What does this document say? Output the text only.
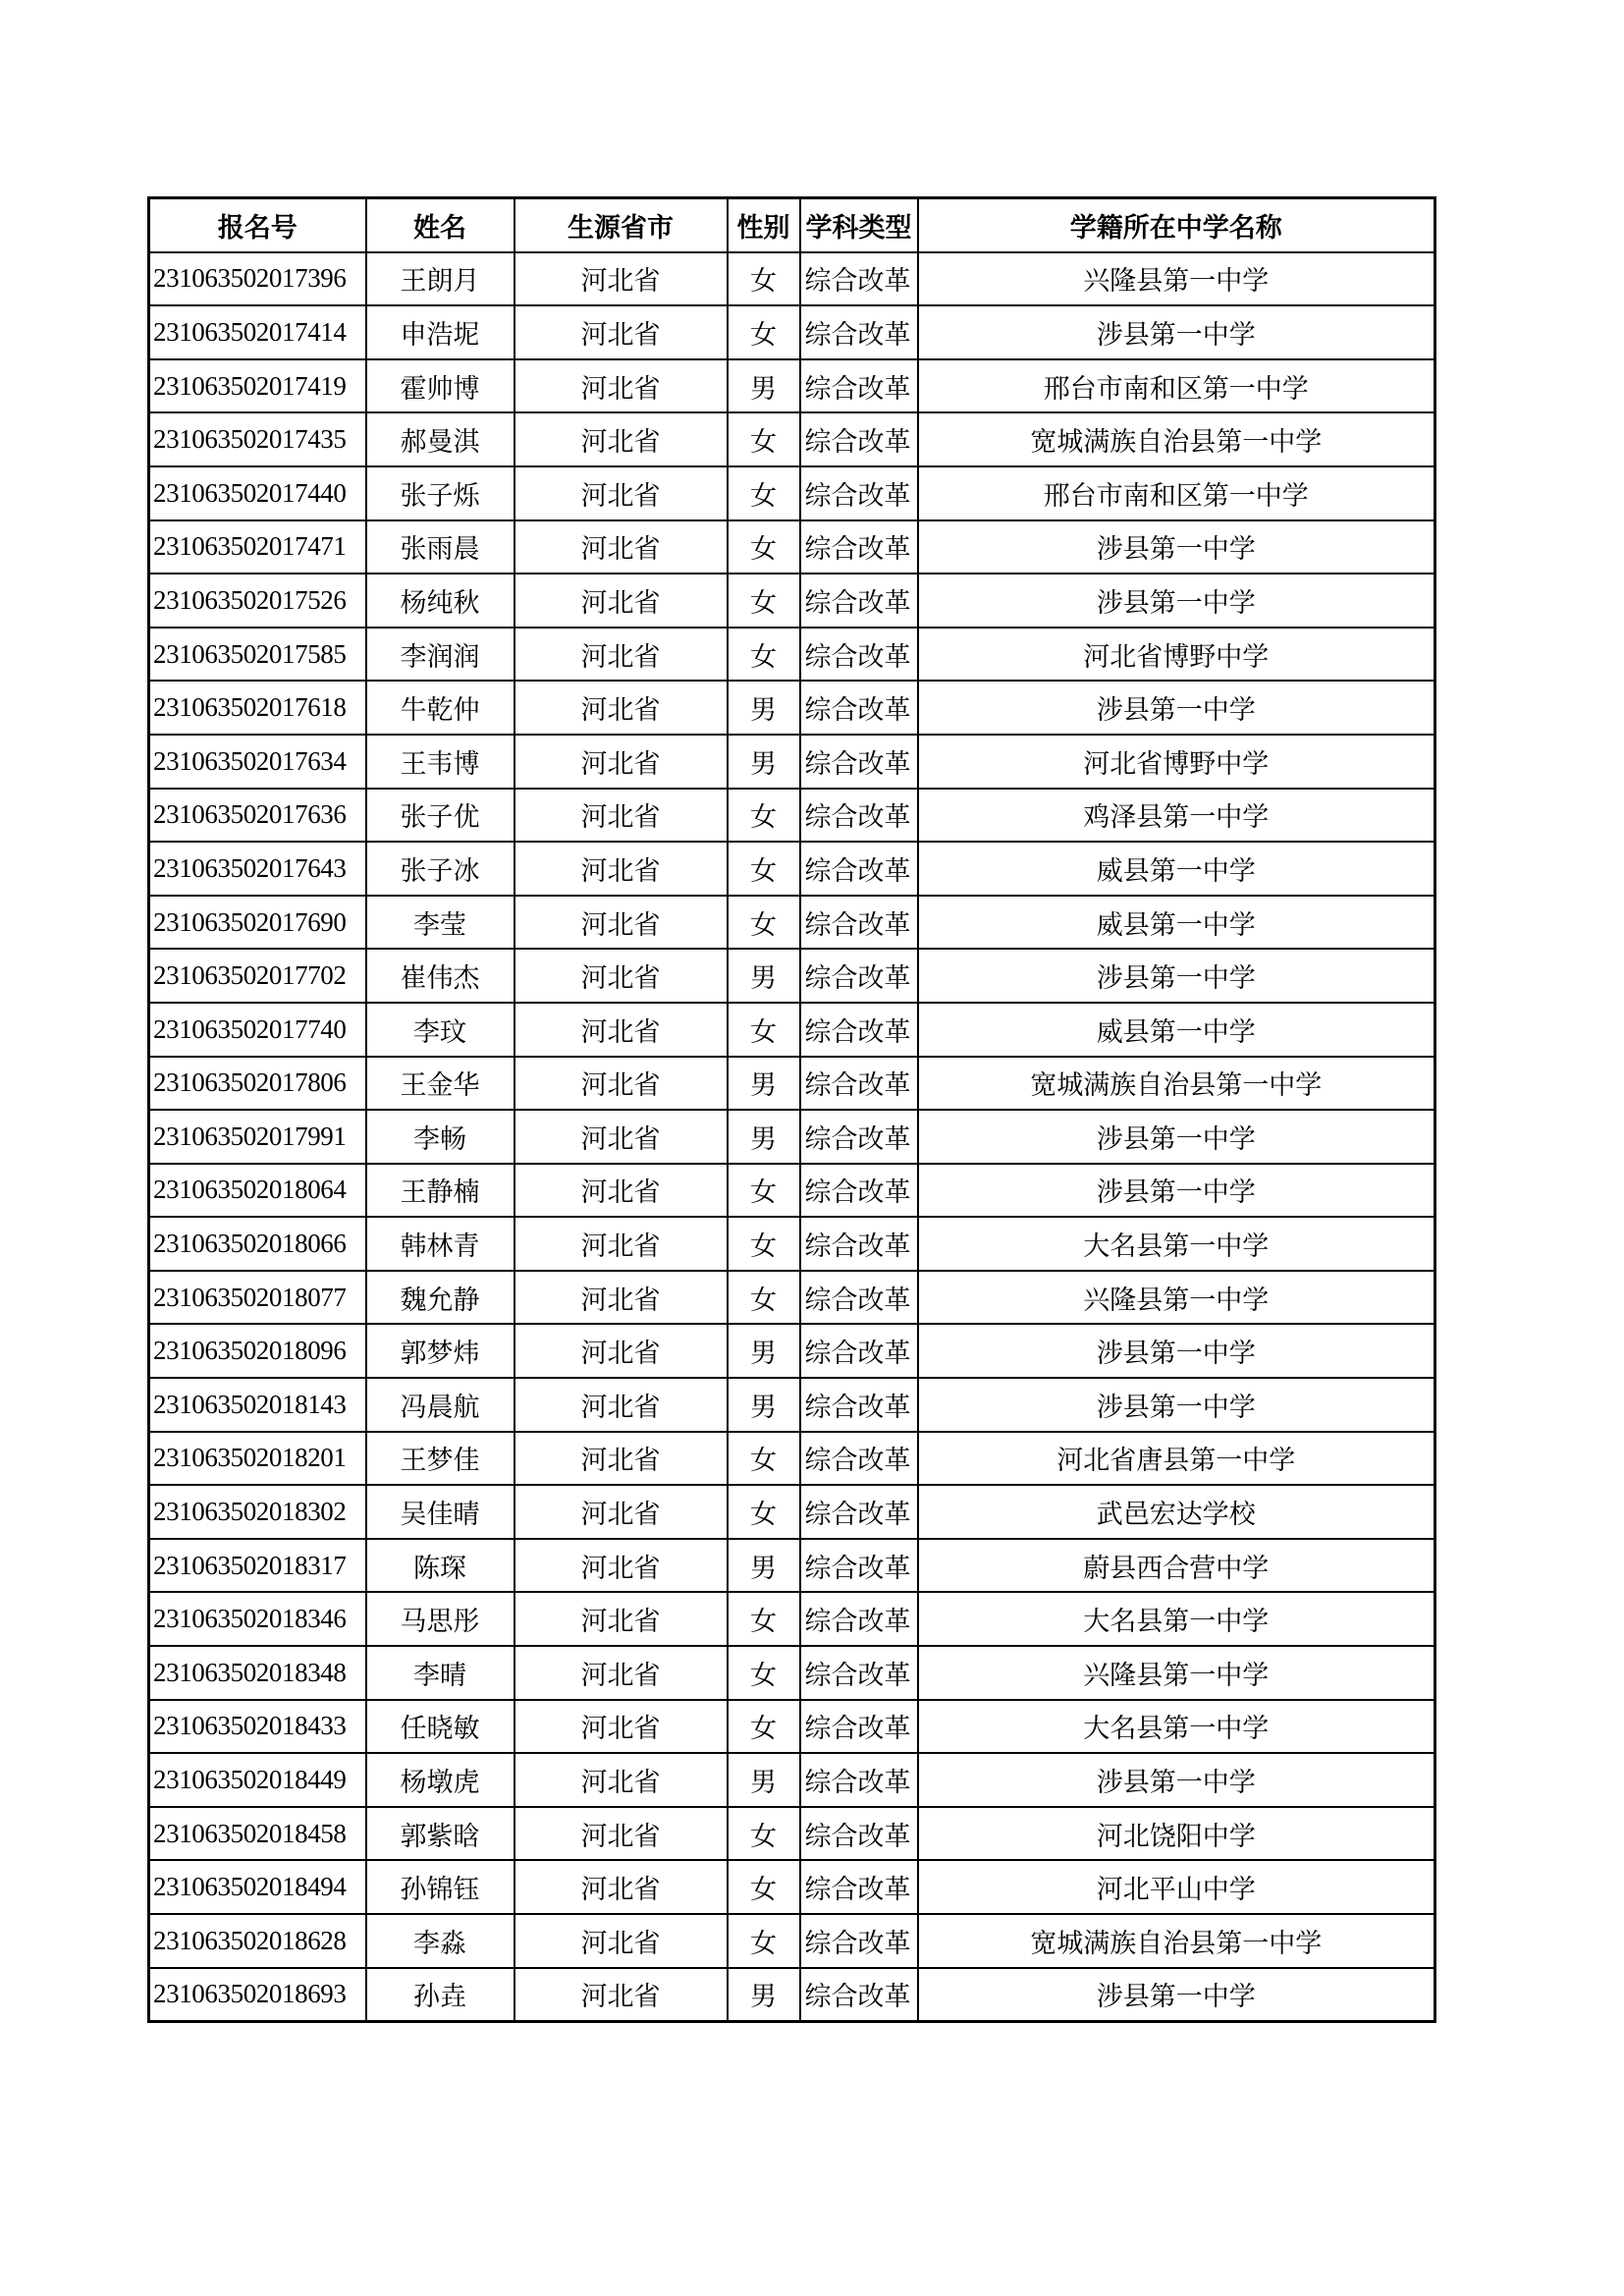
报名号	姓名	生源省市	性别	学科类型	学籍所在中学名称
231063502017396	王朗月	河北省	女	综合改革	兴隆县第一中学
231063502017414	申浩坭	河北省	女	综合改革	涉县第一中学
231063502017419	霍帅博	河北省	男	综合改革	邢台市南和区第一中学
231063502017435	郝曼淇	河北省	女	综合改革	宽城满族自治县第一中学
231063502017440	张子烁	河北省	女	综合改革	邢台市南和区第一中学
231063502017471	张雨晨	河北省	女	综合改革	涉县第一中学
231063502017526	杨纯秋	河北省	女	综合改革	涉县第一中学
231063502017585	李润润	河北省	女	综合改革	河北省博野中学
231063502017618	牛乾仲	河北省	男	综合改革	涉县第一中学
231063502017634	王韦博	河北省	男	综合改革	河北省博野中学
231063502017636	张子优	河北省	女	综合改革	鸡泽县第一中学
231063502017643	张子冰	河北省	女	综合改革	威县第一中学
231063502017690	李莹	河北省	女	综合改革	威县第一中学
231063502017702	崔伟杰	河北省	男	综合改革	涉县第一中学
231063502017740	李玟	河北省	女	综合改革	威县第一中学
231063502017806	王金华	河北省	男	综合改革	宽城满族自治县第一中学
231063502017991	李畅	河北省	男	综合改革	涉县第一中学
231063502018064	王静楠	河北省	女	综合改革	涉县第一中学
231063502018066	韩林青	河北省	女	综合改革	大名县第一中学
231063502018077	魏允静	河北省	女	综合改革	兴隆县第一中学
231063502018096	郭梦炜	河北省	男	综合改革	涉县第一中学
231063502018143	冯晨航	河北省	男	综合改革	涉县第一中学
231063502018201	王梦佳	河北省	女	综合改革	河北省唐县第一中学
231063502018302	吴佳晴	河北省	女	综合改革	武邑宏达学校
231063502018317	陈琛	河北省	男	综合改革	蔚县西合营中学
231063502018346	马思彤	河北省	女	综合改革	大名县第一中学
231063502018348	李晴	河北省	女	综合改革	兴隆县第一中学
231063502018433	任晓敏	河北省	女	综合改革	大名县第一中学
231063502018449	杨墩虎	河北省	男	综合改革	涉县第一中学
231063502018458	郭紫晗	河北省	女	综合改革	河北饶阳中学
231063502018494	孙锦钰	河北省	女	综合改革	河北平山中学
231063502018628	李淼	河北省	女	综合改革	宽城满族自治县第一中学
231063502018693	孙垚	河北省	男	综合改革	涉县第一中学
